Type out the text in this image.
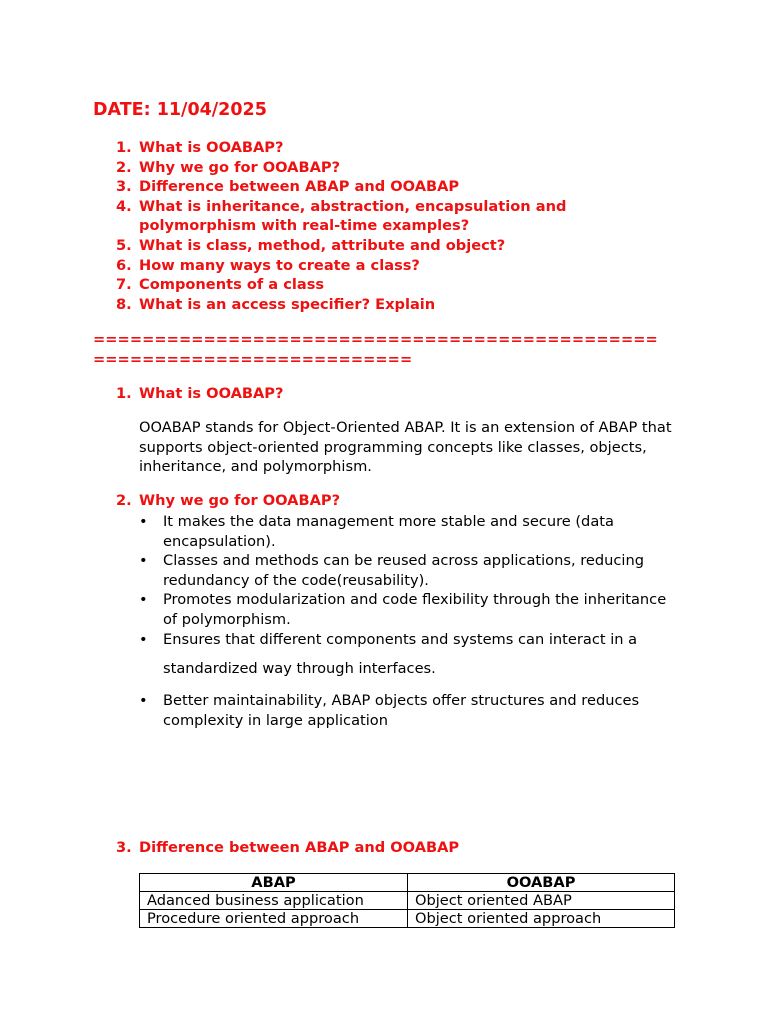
DATE: 11/04/2025
1. What is OOABAP?
2. Why we go for OOABAP?
3. Difference between ABAP and OOABAP
4. What is inheritance, abstraction, encapsulation and polymorphism with real-time examples?
5. What is class, method, attribute and object?
6. How many ways to create a class?
7. Components of a class
8. What is an access specifier? Explain
==============================================
==========================
1. What is OOABAP?
OOABAP stands for Object-Oriented ABAP. It is an extension of ABAP that supports object-oriented programming concepts like classes, objects, inheritance, and polymorphism.
2. Why we go for OOABAP?
• It makes the data management more stable and secure (data encapsulation).
• Classes and methods can be reused across applications, reducing redundancy of the code(reusability).
• Promotes modularization and code flexibility through the inheritance of polymorphism.
• Ensures that different components and systems can interact in a
standardized way through interfaces.
• Better maintainability, ABAP objects offer structures and reduces complexity in large application
3. Difference between ABAP and OOABAP
ABAP	OOABAP
Adanced business application	Object oriented ABAP
Procedure oriented approach	Object oriented approach
